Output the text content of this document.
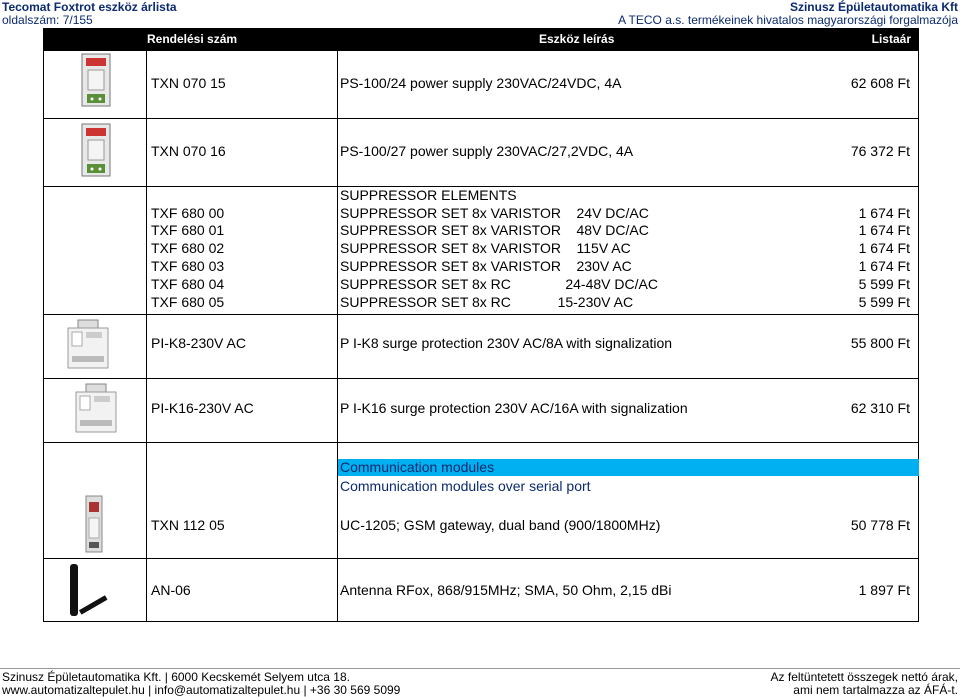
Tecomat Foxtrot eszköz árlista
oldalszám: 7/155
Szinusz Épületautomatika Kft
A TECO a.s. termékeinek hivatalos magyarországi forgalmazója
Rendelési szám	Eszköz leírás	Listaár
TXN 070 15	PS-100/24 power supply 230VAC/24VDC, 4A	62 608 Ft
TXN 070 16	PS-100/27 power supply 230VAC/27,2VDC, 4A	76 372 Ft
SUPPRESSOR ELEMENTS
TXF 680 00	SUPPRESSOR SET 8x VARISTOR    24V DC/AC	1 674 Ft
TXF 680 01	SUPPRESSOR SET 8x VARISTOR    48V DC/AC	1 674 Ft
TXF 680 02	SUPPRESSOR SET 8x VARISTOR    115V AC	1 674 Ft
TXF 680 03	SUPPRESSOR SET 8x VARISTOR    230V AC	1 674 Ft
TXF 680 04	SUPPRESSOR SET 8x RC              24-48V DC/AC	5 599 Ft
TXF 680 05	SUPPRESSOR SET 8x RC            15-230V AC	5 599 Ft
PI-K8-230V AC	P I-K8 surge protection 230V AC/8A with signalization	55 800 Ft
PI-K16-230V AC	P I-K16 surge protection 230V AC/16A with signalization	62 310 Ft
Communication modules
Communication modules over serial port
TXN 112 05	UC-1205; GSM gateway, dual band (900/1800MHz)	50 778 Ft
AN-06	Antenna RFox, 868/915MHz; SMA, 50 Ohm, 2,15 dBi	1 897 Ft
Szinusz Épületautomatika Kft. | 6000 Kecskemét Selyem utca 18.
www.automatizaltepulet.hu | info@automatizaltepulet.hu | +36 30 569 5099
Az feltüntetett összegek nettó árak,
ami nem tartalmazza az ÁFÁ-t.
